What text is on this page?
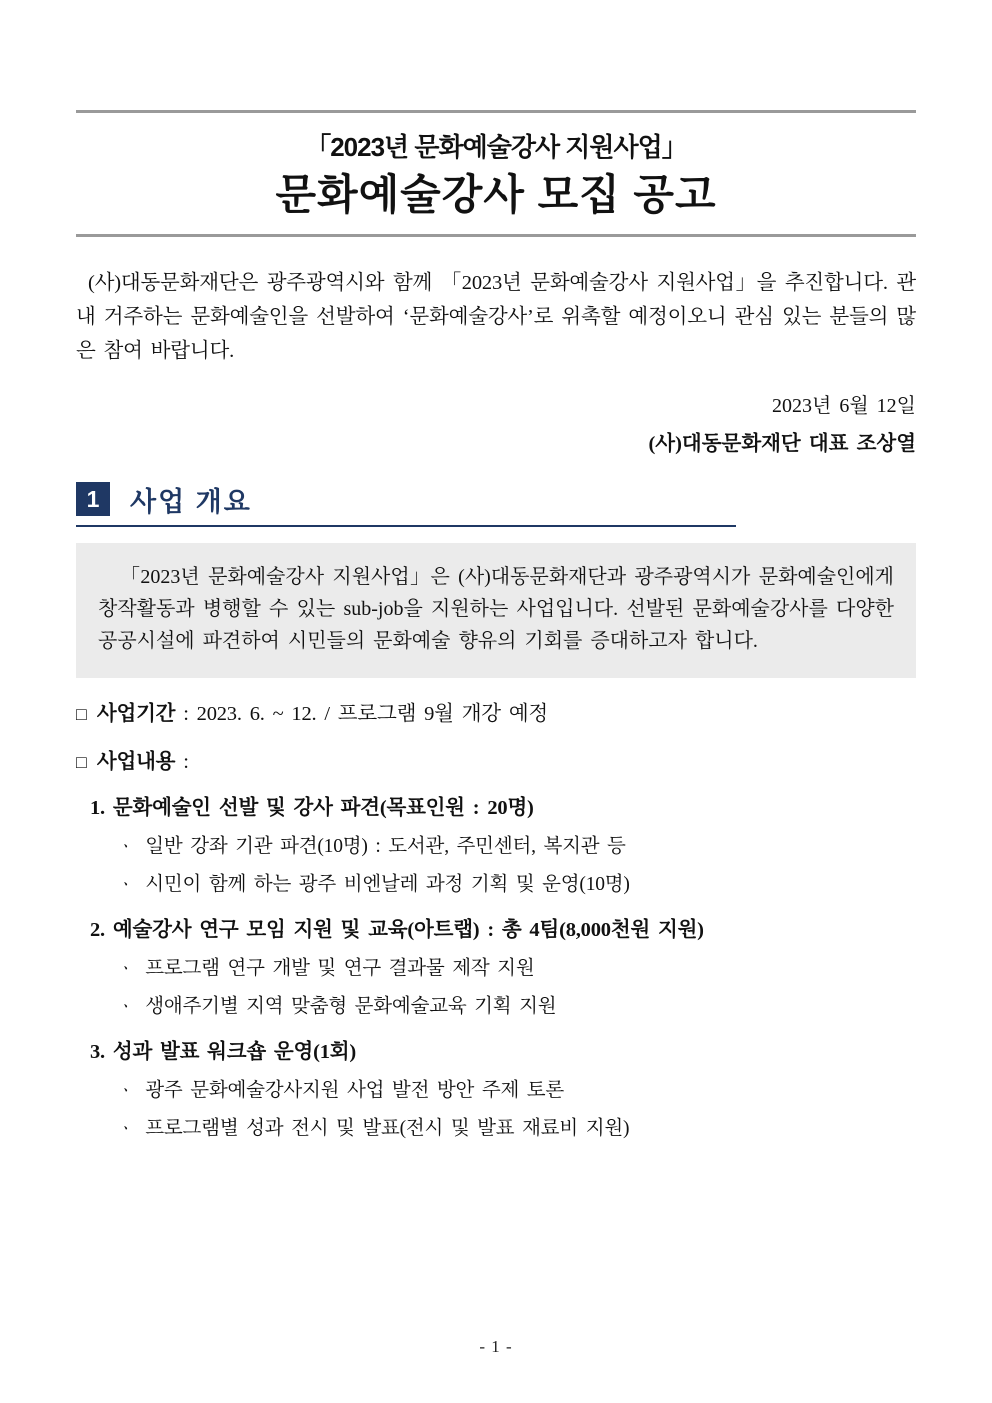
「2023년 문화예술강사 지원사업」
문화예술강사 모집 공고
(사)대동문화재단은 광주광역시와 함께 「2023년 문화예술강사 지원사업」을 추진합니다. 관내 거주하는 문화예술인을 선발하여 ‘문화예술강사’로 위촉할 예정이오니 관심 있는 분들의 많은 참여 바랍니다.
2023년 6월 12일
(사)대동문화재단 대표 조상열
1	사업 개요

「2023년 문화예술강사 지원사업」은 (사)대동문화재단과 광주광역시가 문화예술인에게 창작활동과 병행할 수 있는 sub-job을 지원하는 사업입니다. 선발된 문화예술강사를 다양한 공공시설에 파견하여 시민들의 문화예술 향유의 기회를 증대하고자 합니다.

□ 사업기간 : 2023. 6. ~ 12. / 프로그램 9월 개강 예정
□ 사업내용 :
1. 문화예술인 선발 및 강사 파견(목표인원 : 20명)
ㆍ 일반 강좌 기관 파견(10명) : 도서관, 주민센터, 복지관 등
ㆍ 시민이 함께 하는 광주 비엔날레 과정 기획 및 운영(10명)
2. 예술강사 연구 모임 지원 및 교육(아트랩) : 총 4팀(8,000천원 지원)
ㆍ 프로그램 연구 개발 및 연구 결과물 제작 지원
ㆍ 생애주기별 지역 맞춤형 문화예술교육 기획 지원
3. 성과 발표 워크숍 운영(1회)
ㆍ 광주 문화예술강사지원 사업 발전 방안 주제 토론
ㆍ 프로그램별 성과 전시 및 발표(전시 및 발표 재료비 지원)
- 1 -
